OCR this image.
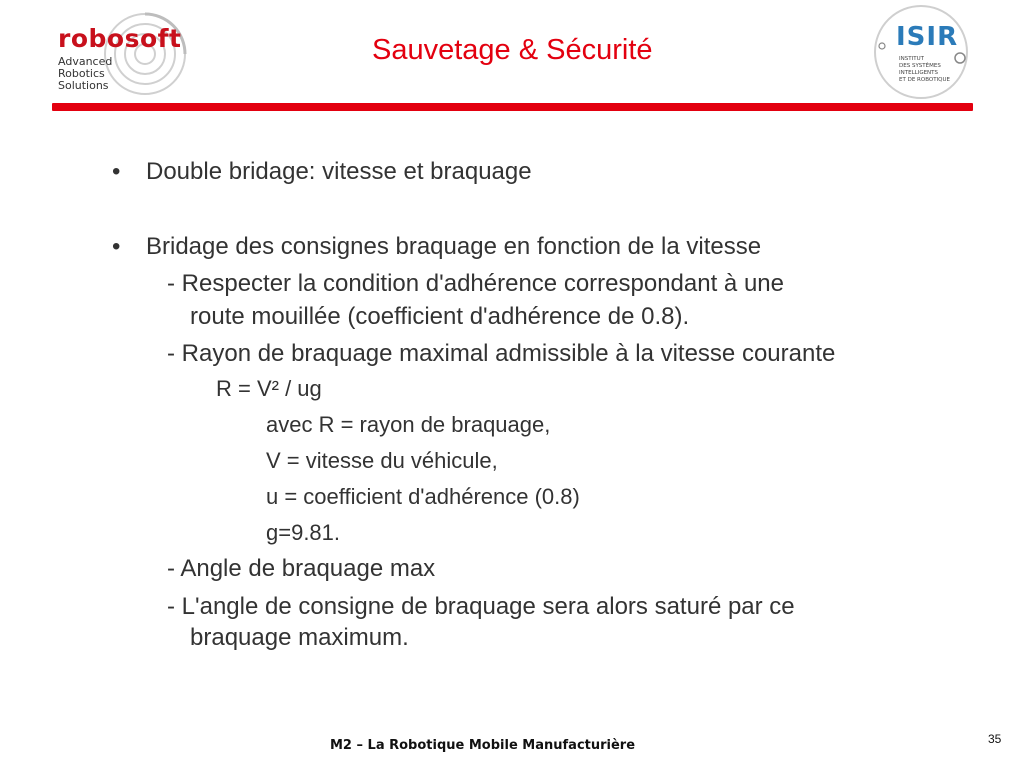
robosoft
Advanced
Robotics
Solutions
Sauvetage & Sécurité	ISIR
INSTITUT
DES SYSTÈMES
INTELLIGENTS
ET DE ROBOTIQUE
• Double bridage: vitesse et braquage
• Bridage des consignes braquage en fonction de la vitesse
- Respecter la condition d'adhérence correspondant à une
route mouillée (coefficient d'adhérence de 0.8).
- Rayon de braquage maximal admissible à la vitesse courante
R = V² / ug
avec R = rayon de braquage,
V = vitesse du véhicule,
u = coefficient d'adhérence (0.8)
g=9.81.
- Angle de braquage max
- L'angle de consigne de braquage sera alors saturé par ce
braquage maximum.
M2 – La Robotique Mobile Manufacturière	35
